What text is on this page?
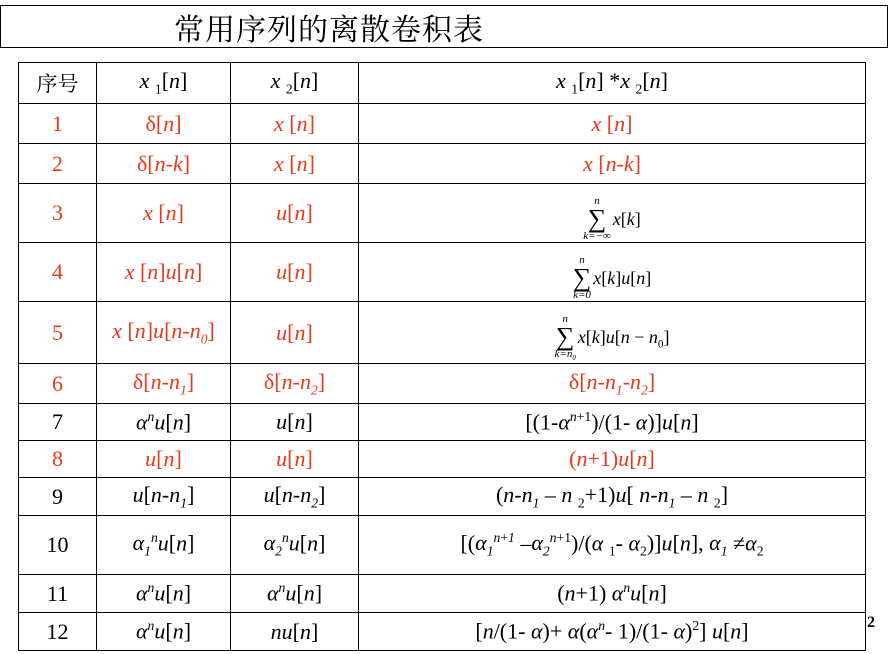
常用序列的离散卷积表
序号	x $_1$[n]	x $_2$[n]	x $_1$[n] *x $_2$[n]
1	δ[n]	x [n]	x [n]
2	δ[n-k]	x [n]	x [n-k]
3	x [n]	u[n]	n
∑
k=−∞
x[k]

4	x [n]u[n]	u[n]	n
∑
k=0
x[k]u[n]

5	x $[n]u[n-n_0]$	u[n]	n
∑
$k=n_0$
$x[k]u[n - n_0]$

6	$\delta[n-n_1]$	$\delta[n-n_2]$	$\delta[n-n_1-n_2]$
7	$\alpha^nu[n]$	u[n]	[$(1-\alpha^{n+1})/(1-$ α)]u[n]
8	u[n]	u[n]	(n+1)u[n]
9	$u[n-n_1]$	$u[n-n_2]$	($n-n_1$ – n $_2$+1)u[ $n-n_1$ – n $_2$]
10	$\alpha_1^nu[n]$	$\alpha_2^nu[n]$	[($\alpha_1^{n+1}$ $-\alpha_2^{n+1})/(\alpha$ $_1$- $\alpha_2)]u[n]$, $\alpha_1 \ne\alpha_2$
11	$\alpha^nu[n]$	$\alpha^nu[n]$	(n+1) $\alpha^nu[n]$
12	$\alpha^nu[n]$	nu[n]	[n/(1- $\alpha)+ \alpha(\alpha^n-$ 1)/(1- α)$^2$] u[n]	2
